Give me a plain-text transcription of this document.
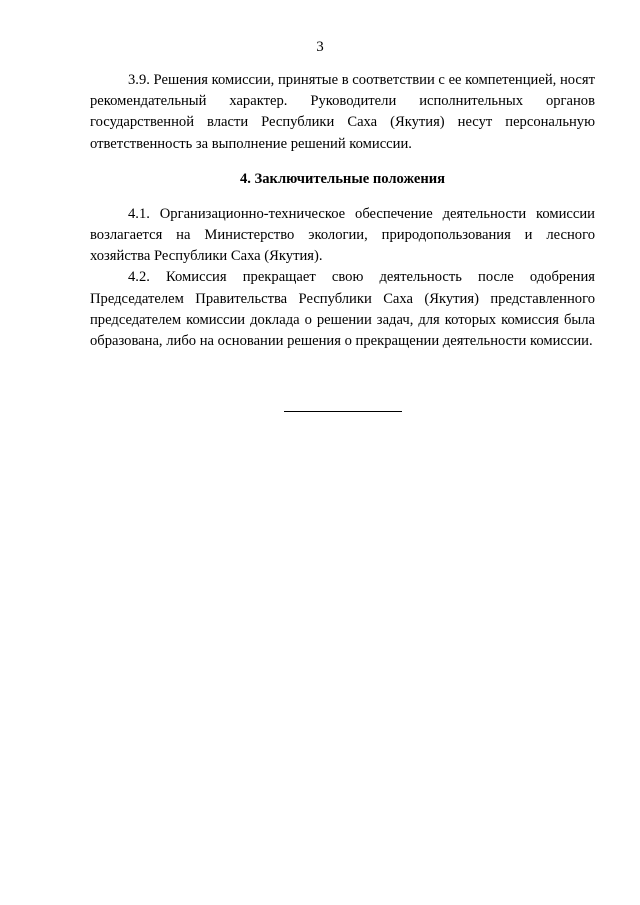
3

3.9. Решения комиссии, принятые в соответствии с ее компетенцией, носят рекомендательный характер. Руководители исполнительных органов государственной власти Республики Саха (Якутия) несут персональную ответственность за выполнение решений комиссии.

4. Заключительные положения

4.1. Организационно-техническое обеспечение деятельности комиссии возлагается на Министерство экологии, природопользования и лесного хозяйства Республики Саха (Якутия).

4.2. Комиссия прекращает свою деятельность после одобрения Председателем Правительства Республики Саха (Якутия) представленного председателем комиссии доклада о решении задач, для которых комиссия была образована, либо на основании решения о прекращении деятельности комиссии.
